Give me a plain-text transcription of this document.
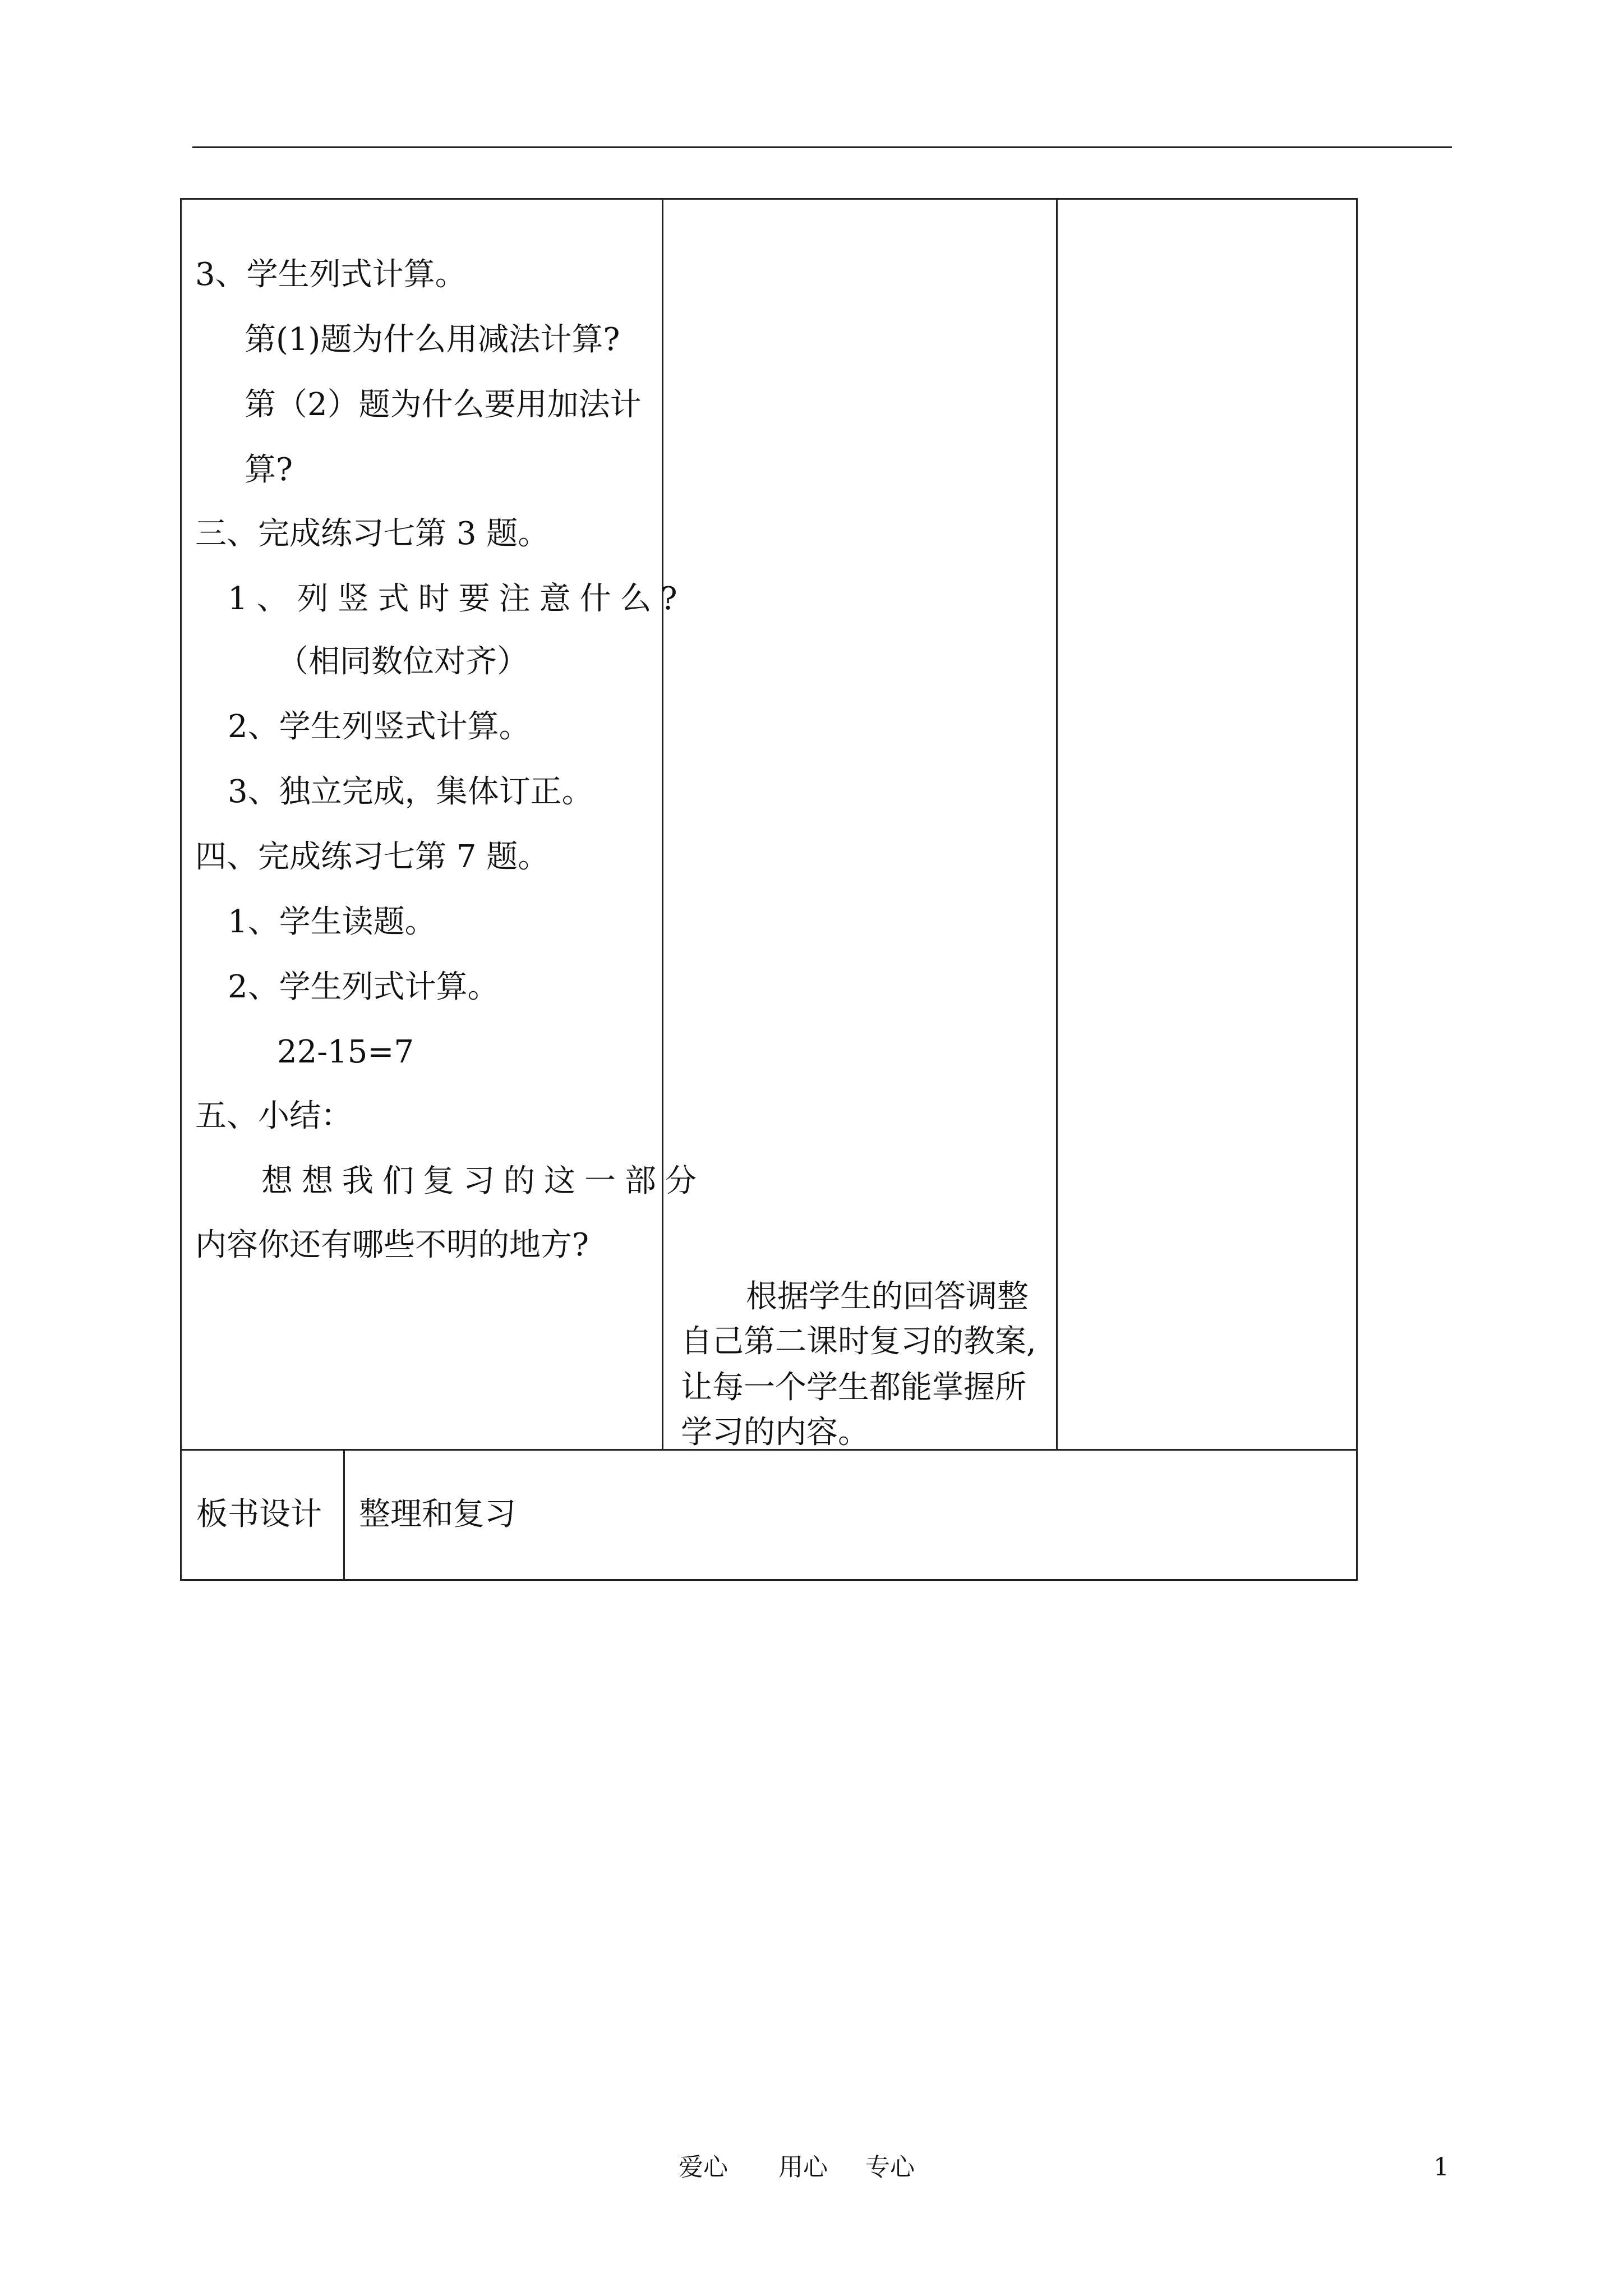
3、学生列式计算。
第(1)题为什么用减法计算?
第（2）题为什么要用加法计
算?
三、完成练习七第 3 题。
1、列竖式时要注意什么?
（相同数位对齐）
2、学生列竖式计算。
3、独立完成，集体订正。
四、完成练习七第 7 题。
1、学生读题。
2、学生列式计算。
22-15=7
五、小结：
想想我们复习的这一部分
内容你还有哪些不明的地方?
根据学生的回答调整
自己第二课时复习的教案,
让每一个学生都能掌握所
学习的内容。
板书设计 整理和复习
爱心 用心 专心	1
